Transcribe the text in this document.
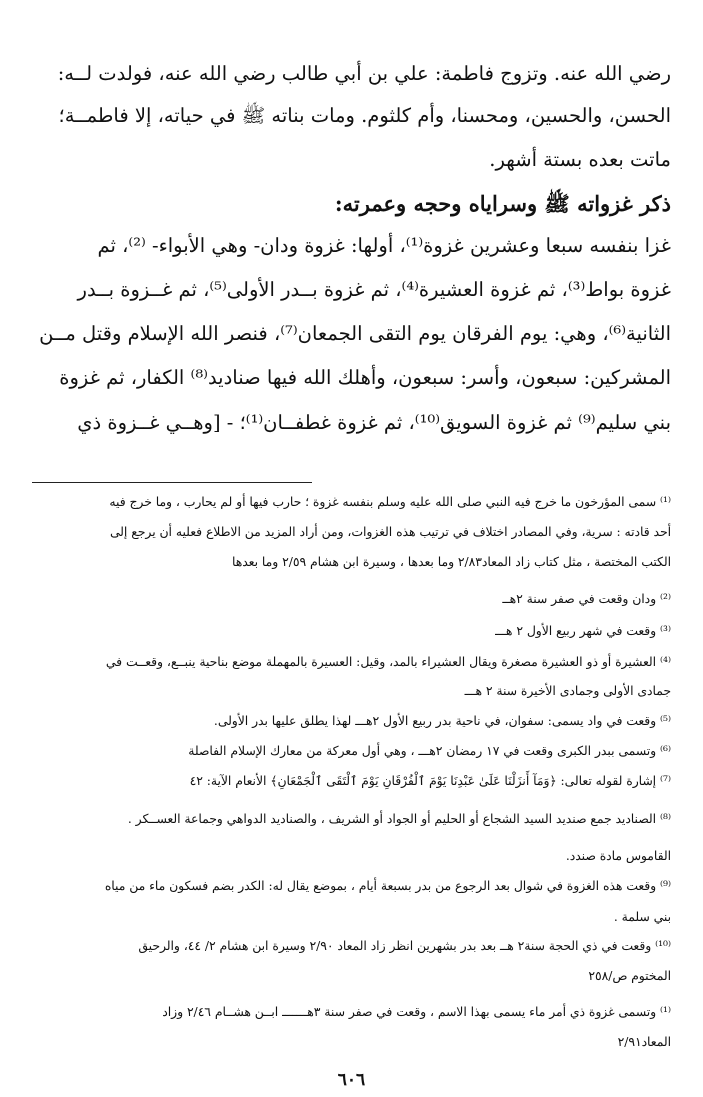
رضي الله عنه. وتزوج فاطمة: علي بن أبي طالب رضي الله عنه، فولدت لــه:
الحسن، والحسين، ومحسنا، وأم كلثوم. ومات بناته ﷺ في حياته، إلا فاطمــة؛
ماتت بعده بستة أشهر.
ذكر غزواته ﷺ وسراياه وحجه وعمرته:
غزا بنفسه سبعا وعشرين غزوة⁽¹⁾، أولها: غزوة ودان- وهي الأبواء- ⁽²⁾، ثم
غزوة بواط⁽³⁾، ثم غزوة العشيرة⁽⁴⁾، ثم غزوة بــدر الأولى⁽⁵⁾، ثم غــزوة بــدر
الثانية⁽⁶⁾، وهي: يوم الفرقان يوم التقى الجمعان⁽⁷⁾، فنصر الله الإسلام وقتل مــن
المشركين: سبعون، وأسر: سبعون، وأهلك الله فيها صناديد⁽⁸⁾ الكفار، ثم غزوة
بني سليم⁽⁹⁾ ثم غزوة السويق⁽¹⁰⁾، ثم غزوة غطفــان⁽¹⁾؛ - [وهــي غــزوة ذي
⁽¹⁾ سمى المؤرخون ما خرج فيه النبي صلى الله عليه وسلم بنفسه غزوة ؛ حارب فيها أو لم يحارب ، وما خرج فيه
أحد قادته : سرية، وفي المصادر اختلاف في ترتيب هذه الغزوات، ومن أراد المزيد من الاطلاع فعليه أن يرجع إلى
الكتب المختصة ، مثل كتاب زاد المعاد٢/٨٣ وما بعدها ، وسيرة ابن هشام ٢/٥٩ وما بعدها
⁽²⁾ ودان وقعت في صفر سنة ٢هــ
⁽³⁾ وقعت في شهر ربيع الأول ٢ هـــ
⁽⁴⁾ العشيرة أو ذو العشيرة مصغرة ويقال العشيراء بالمد، وقيل: العسيرة بالمهملة موضع بناحية ينبــع، وقعــت في
جمادى الأولى وجمادى الأخيرة سنة ٢ هـــ
⁽⁵⁾ وقعت في واد يسمى: سفوان، في ناحية بدر ربيع الأول ٢هـــ لهذا يطلق عليها بدر الأولى.
⁽⁶⁾ وتسمى ببدر الكبرى وقعت في ١٧ رمضان ٢هـــ ، وهي أول معركة من معارك الإسلام الفاصلة
⁽⁷⁾ إشارة لقوله تعالى: ﴿وَمَآ أَنزَلْنَا عَلَىٰ عَبْدِنَا يَوْمَ ٱلْفُرْقَانِ يَوْمَ ٱلْتَقَى ٱلْجَمْعَانِ﴾ الأنعام الآية: ٤٢
⁽⁸⁾ الصناديد جمع صنديد السيد الشجاع أو الحليم أو الجواد أو الشريف ، والصناديد الدواهي وجماعة العســكر .
القاموس مادة صندد.
⁽⁹⁾ وقعت هذه الغزوة في شوال بعد الرجوع من بدر بسبعة أيام ، بموضع يقال له: الكدر بضم فسكون ماء من مياه
بني سلمة .
⁽¹⁰⁾ وقعت في ذي الحجة سنة٢ هــ بعد بدر بشهرين انظر زاد المعاد ٢/٩٠ وسيرة ابن هشام ٢/ ٤٤، والرحيق
المختوم ص/٢٥٨
⁽¹⁾ وتسمى غزوة ذي أمر ماء يسمى بهذا الاسم ، وقعت في صفر سنة ٣هـــــــ ابــن هشــام ٢/٤٦ وزاد
المعاد٢/٩١
٦٠٦
